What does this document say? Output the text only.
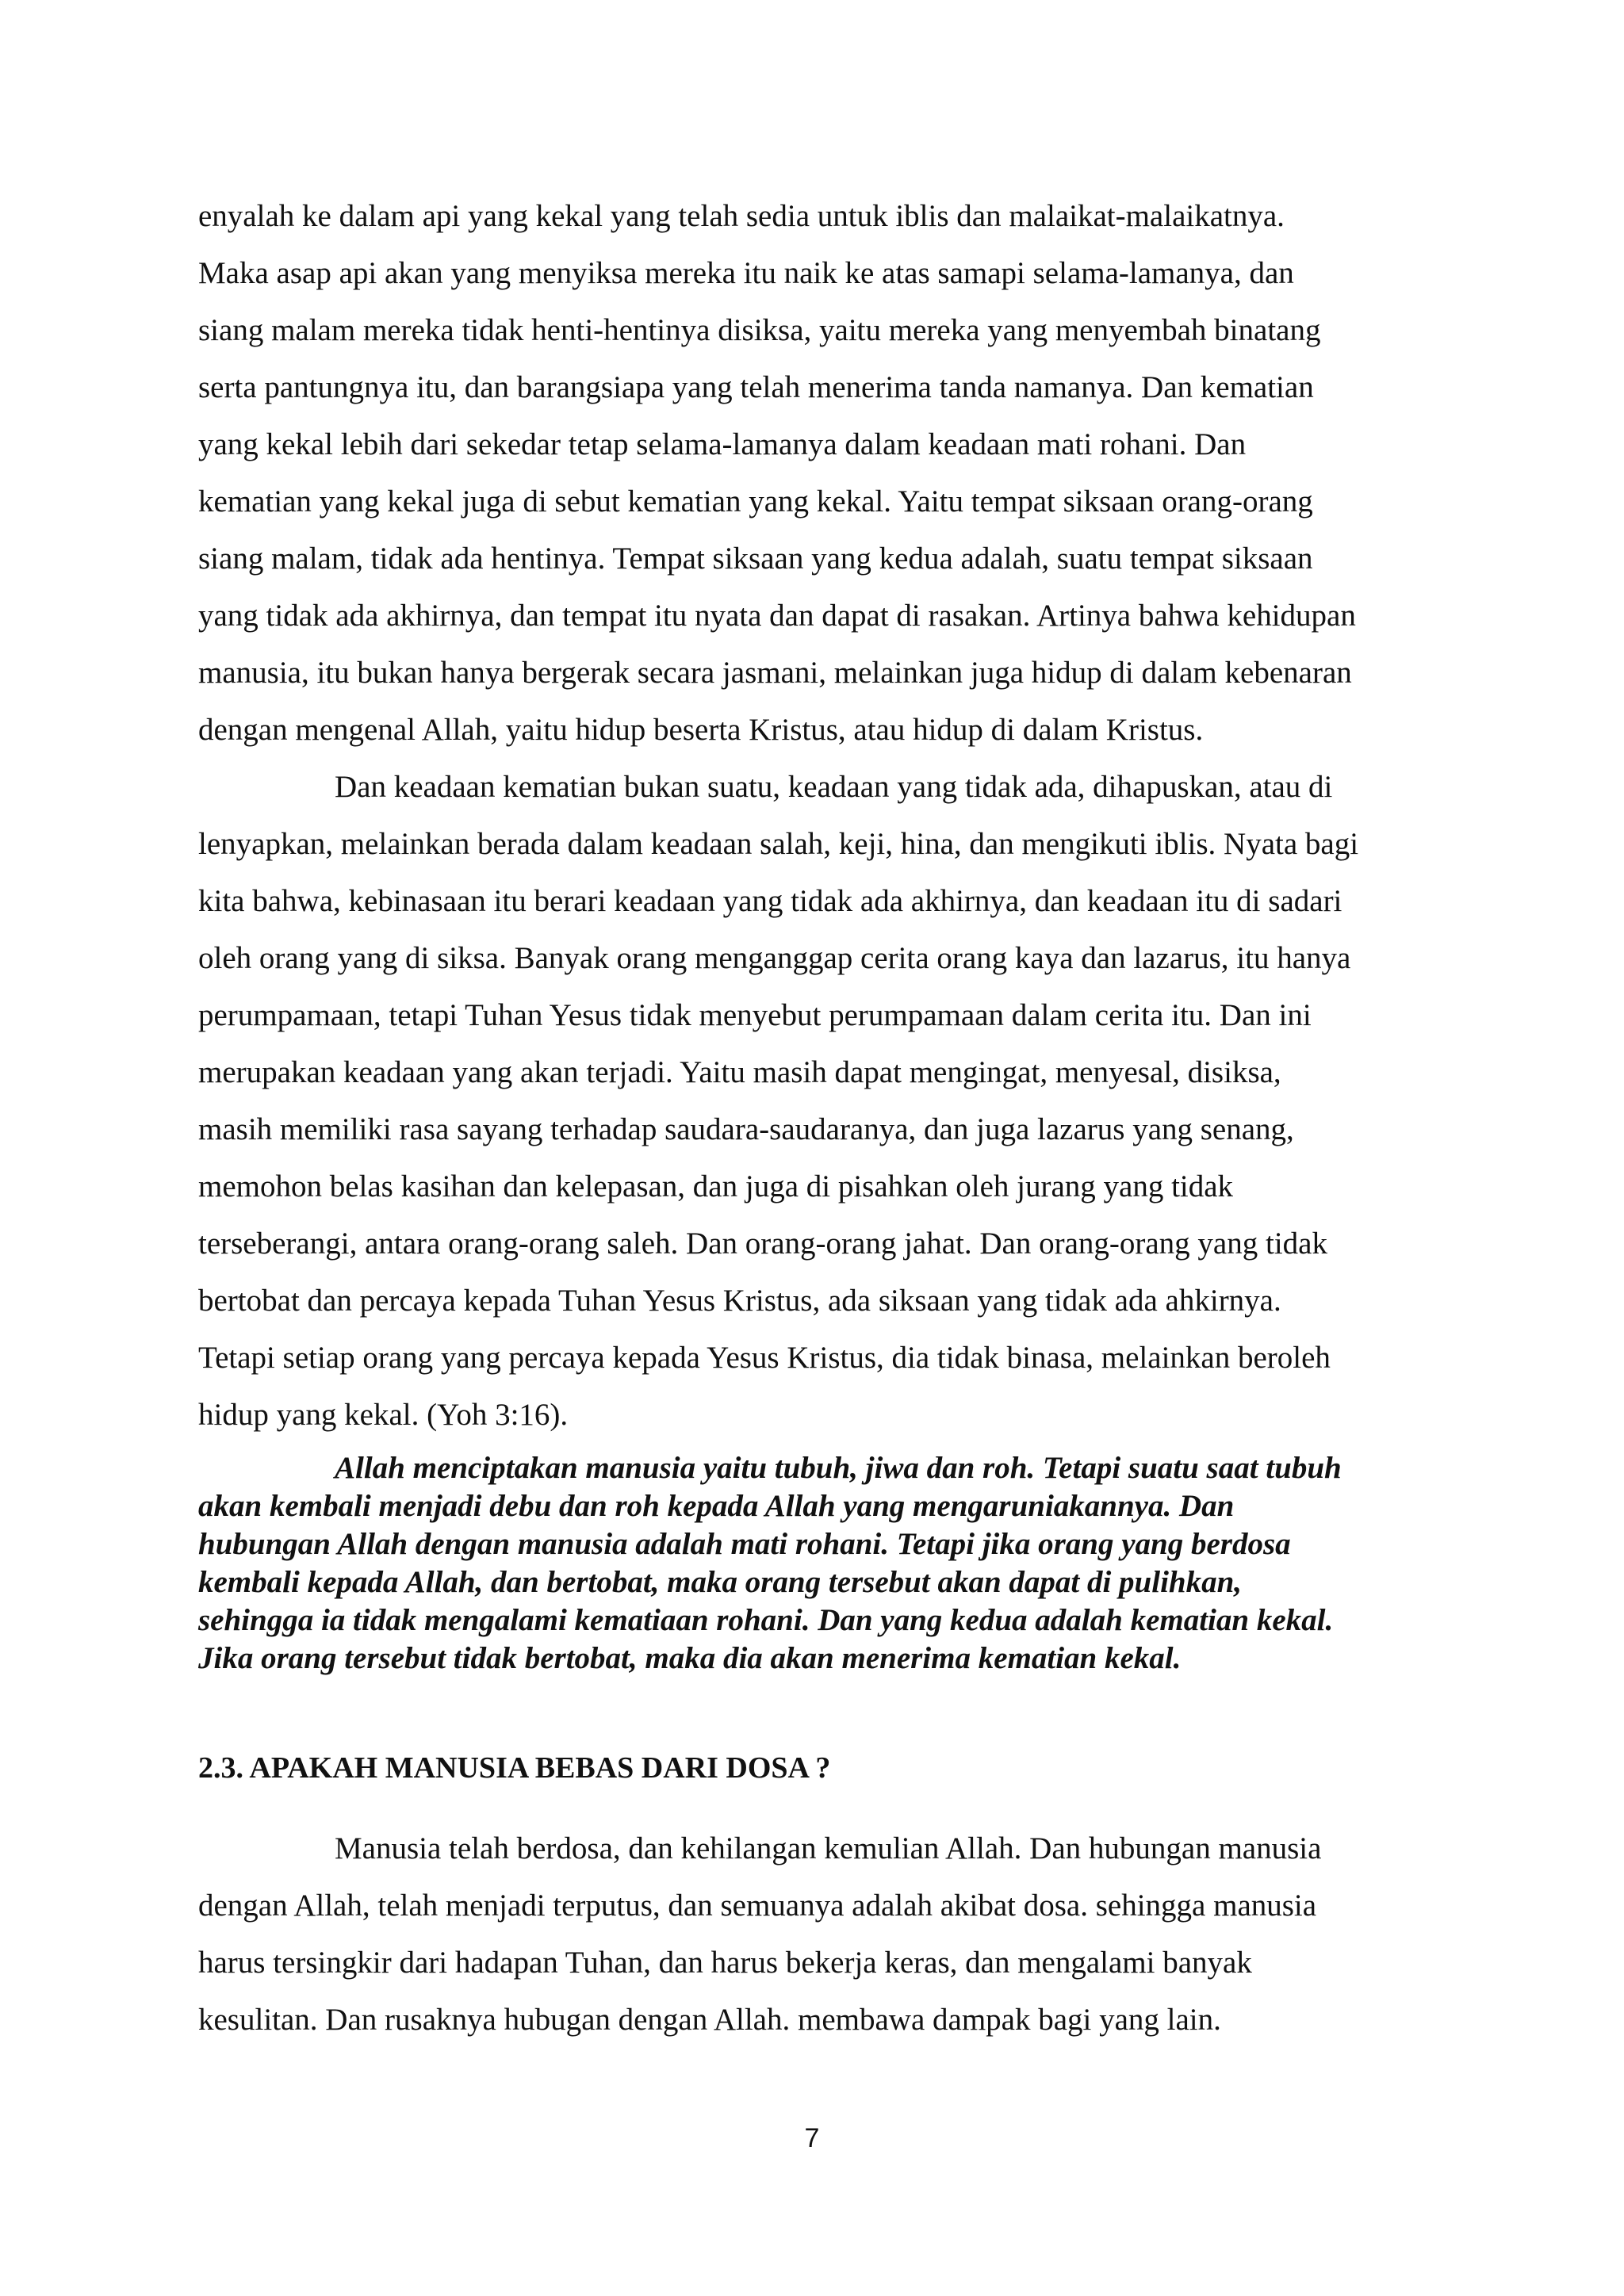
enyalah ke dalam api yang kekal yang telah sedia untuk iblis dan malaikat-malaikatnya.
Maka asap api akan yang menyiksa mereka itu naik ke atas samapi selama-lamanya, dan
siang malam mereka tidak henti-hentinya disiksa, yaitu mereka yang menyembah binatang
serta pantungnya itu, dan barangsiapa yang telah menerima tanda namanya. Dan kematian
yang kekal lebih dari sekedar tetap selama-lamanya dalam keadaan mati rohani. Dan
kematian yang kekal juga di sebut kematian yang kekal. Yaitu tempat siksaan orang-orang
siang malam, tidak ada hentinya. Tempat siksaan yang kedua adalah, suatu tempat siksaan
yang tidak ada akhirnya, dan tempat itu nyata dan dapat di rasakan. Artinya bahwa kehidupan
manusia, itu bukan hanya bergerak secara jasmani, melainkan juga hidup di dalam kebenaran
dengan mengenal Allah, yaitu hidup beserta Kristus, atau hidup di dalam Kristus.
Dan keadaan kematian bukan suatu, keadaan yang tidak ada, dihapuskan, atau di
lenyapkan, melainkan berada dalam keadaan salah, keji, hina, dan mengikuti iblis. Nyata bagi
kita bahwa, kebinasaan itu berari keadaan yang tidak ada akhirnya, dan keadaan itu di sadari
oleh orang yang di siksa. Banyak orang menganggap cerita orang kaya dan lazarus, itu hanya
perumpamaan, tetapi Tuhan Yesus tidak menyebut perumpamaan dalam cerita itu. Dan ini
merupakan keadaan yang akan terjadi. Yaitu masih dapat mengingat, menyesal, disiksa,
masih memiliki rasa sayang terhadap saudara-saudaranya, dan juga lazarus yang senang,
memohon belas kasihan dan kelepasan, dan juga di pisahkan oleh jurang yang tidak
terseberangi, antara orang-orang saleh. Dan orang-orang jahat. Dan orang-orang yang tidak
bertobat dan percaya kepada Tuhan Yesus Kristus, ada siksaan yang tidak ada ahkirnya.
Tetapi setiap orang yang percaya kepada Yesus Kristus, dia tidak binasa, melainkan beroleh
hidup yang kekal. (Yoh 3:16).
Allah menciptakan manusia yaitu tubuh, jiwa dan roh. Tetapi suatu saat tubuh
akan kembali menjadi debu dan roh kepada Allah yang mengaruniakannya. Dan
hubungan Allah dengan manusia adalah mati rohani. Tetapi jika orang yang berdosa
kembali kepada Allah, dan bertobat, maka orang tersebut akan dapat di pulihkan,
sehingga ia tidak mengalami kematiaan rohani. Dan yang kedua adalah kematian kekal.
Jika orang tersebut tidak bertobat, maka dia akan menerima kematian kekal.
2.3. APAKAH MANUSIA BEBAS DARI DOSA ?
Manusia telah berdosa, dan kehilangan kemulian Allah. Dan hubungan manusia
dengan Allah, telah menjadi terputus, dan semuanya adalah akibat dosa. sehingga manusia
harus tersingkir dari hadapan Tuhan, dan harus bekerja keras, dan mengalami banyak
kesulitan. Dan rusaknya hubugan dengan Allah. membawa dampak bagi yang lain.
7
